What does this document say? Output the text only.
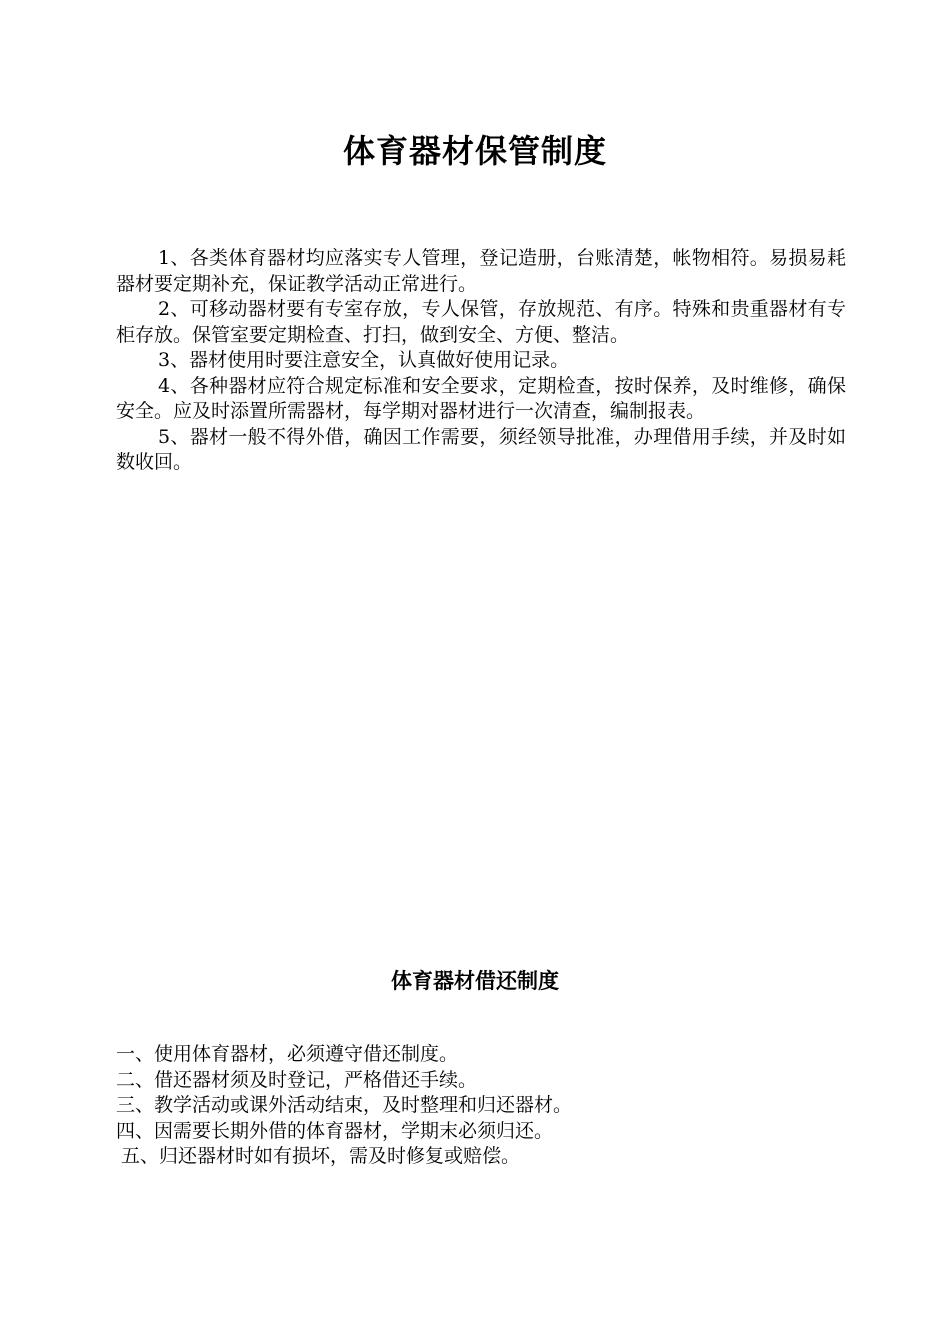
体育器材保管制度

1、各类体育器材均应落实专人管理，登记造册，台账清楚，帐物相符。易损易耗器材要定期补充，保证教学活动正常进行。

2、可移动器材要有专室存放，专人保管，存放规范、有序。特殊和贵重器材有专柜存放。保管室要定期检查、打扫，做到安全、方便、整洁。

3、器材使用时要注意安全，认真做好使用记录。

4、各种器材应符合规定标准和安全要求，定期检查，按时保养，及时维修，确保安全。应及时添置所需器材，每学期对器材进行一次清查，编制报表。

5、器材一般不得外借，确因工作需要，须经领导批准，办理借用手续，并及时如数收回。

体育器材借还制度

一、使用体育器材，必须遵守借还制度。

二、借还器材须及时登记，严格借还手续。

三、教学活动或课外活动结束，及时整理和归还器材。

四、因需要长期外借的体育器材，学期末必须归还。

五、归还器材时如有损坏，需及时修复或赔偿。
